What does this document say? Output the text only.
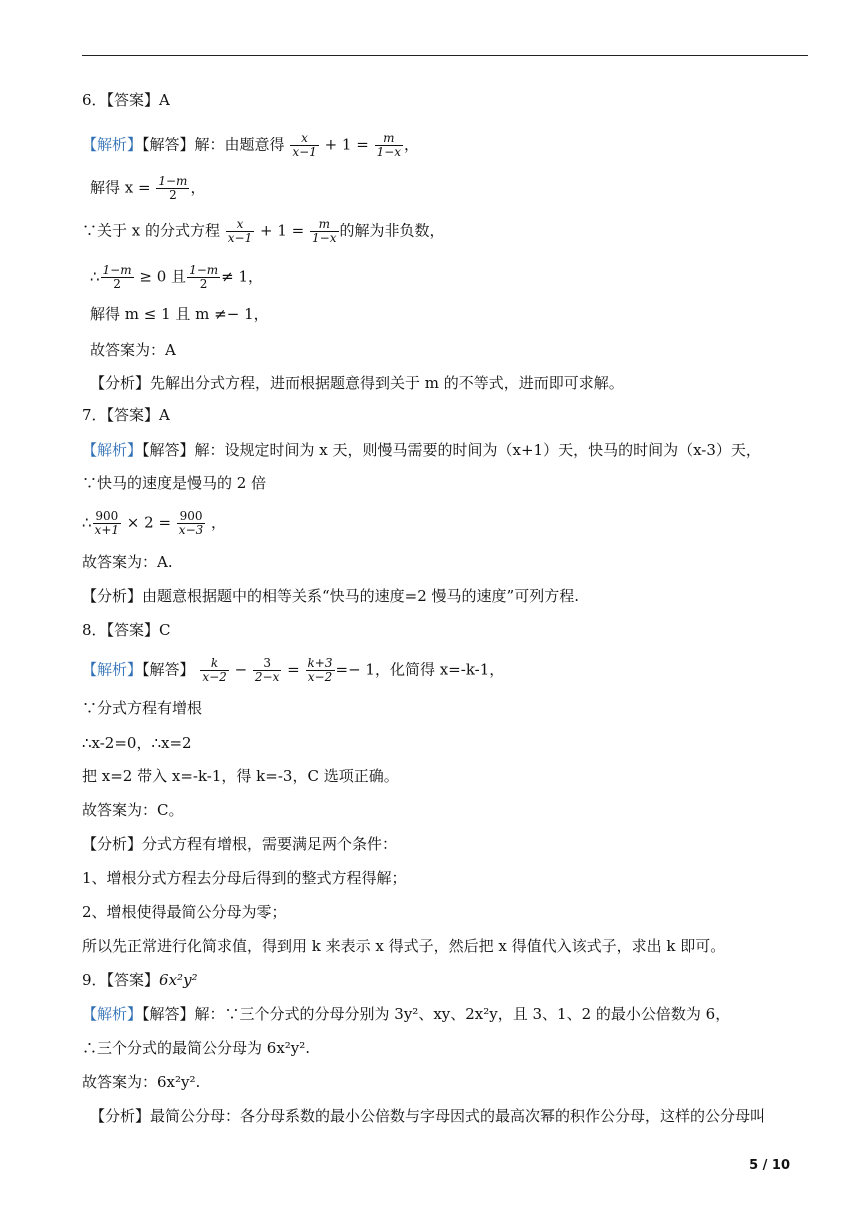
6．【答案】A
【解析】【解答】解：由题意得 $\frac{x}{x-1} + 1 = \frac{m}{1-x}$ ，
解得 $x = \frac{1-m}{2}$ ，
∵关于 x 的分式方程 $\frac{x}{x-1} + 1 = \frac{m}{1-x}$ 的解为非负数，
∴ $\frac{1-m}{2} \ge 0$ 且 $\frac{1-m}{2} \ne 1$，
解得 m ≤ 1 且 m ≠− 1，
故答案为：A
【分析】先解出分式方程，进而根据题意得到关于 m 的不等式，进而即可求解。
7．【答案】A
【解析】【解答】解：设规定时间为 x 天，则慢马需要的时间为（x+1）天，快马的时间为（x-3）天，
∵快马的速度是慢马的 2 倍
∴ $\frac{900}{x+1} \times 2 = \frac{900}{x-3}$ ，
故答案为：A.
【分析】由题意根据题中的相等关系“快马的速度=2 慢马的速度”可列方程.
8．【答案】C
【解析】【解答】 $\frac{k}{x-2} - \frac{3}{2-x} = \frac{k+3}{x-2} =- 1$，化简得 x=-k-1，
∵分式方程有增根
∴x-2=0，∴x=2
把 x=2 带入 x=-k-1，得 k=-3，C 选项正确。
故答案为：C。
【分析】分式方程有增根，需要满足两个条件：
1、增根分式方程去分母后得到的整式方程得解；
2、增根使得最简公分母为零；
所以先正常进行化简求值，得到用 k 来表示 x 得式子，然后把 x 得值代入该式子，求出 k 即可。
9．【答案】6x²y²
【解析】【解答】解：∵三个分式的分母分别为 3y²、xy、2x²y，且 3、1、2 的最小公倍数为 6，
∴三个分式的最简公分母为 6x²y².
故答案为：6x²y².
【分析】最简公分母：各分母系数的最小公倍数与字母因式的最高次幂的积作公分母，这样的公分母叫
5 / 10
